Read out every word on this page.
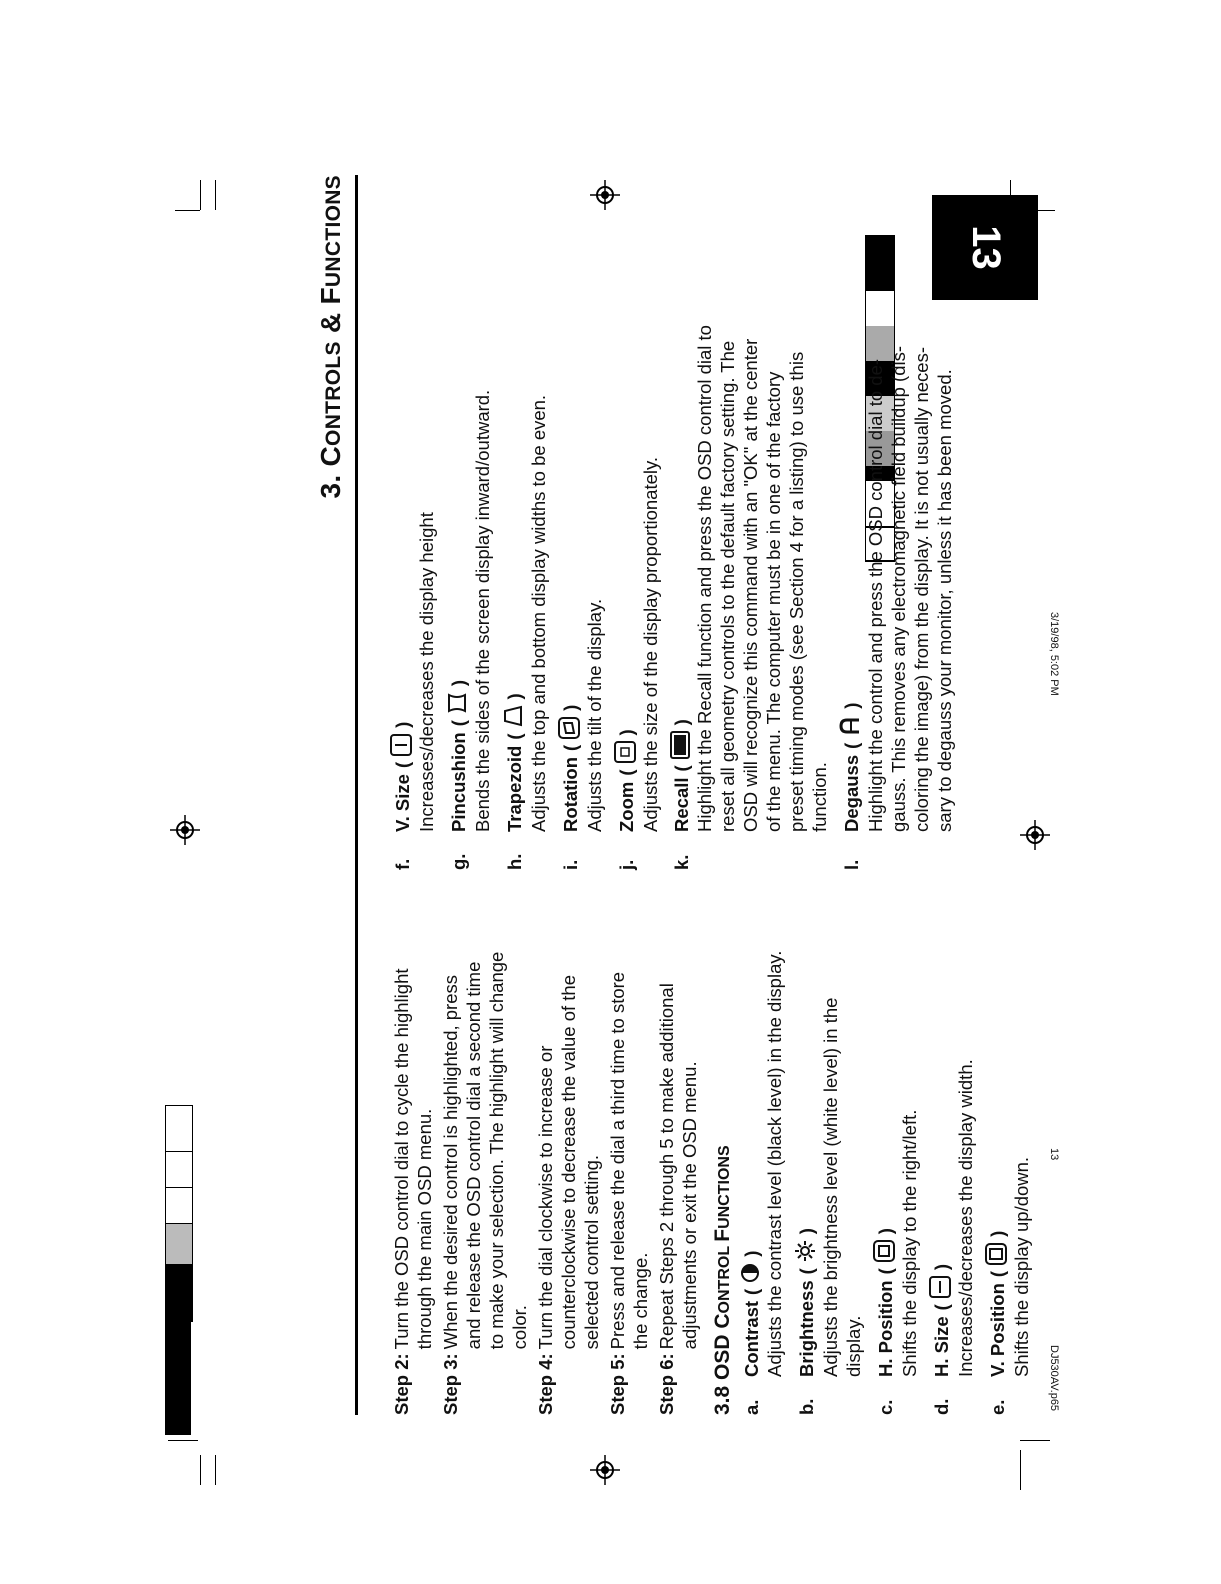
13
DJ530AV.p65
13
3/19/98, 5:02 PM
3. CONTROLS & FUNCTIONS
Step 2:
Turn the OSD control dial to cycle the highlight through the main OSD menu.
Step 3:
When the desired control is highlighted, press and release the OSD control dial a second time to make your selection. The highlight will change color.
Step 4:
Turn the dial clockwise to increase or counterclockwise to decrease the value of the selected control setting.
Step 5:
Press and release the dial a third time to store the change.
Step 6:
Repeat Steps 2 through 5 to make additional adjustments or exit the OSD menu.
3.8 OSD CONTROL FUNCTIONS
a.
Contrast
(
) Adjusts the contrast level (black level) in the display.
b.
Brightness
(
) Adjusts the brightness level (white level) in the display.
c.
H. Position
(
) Shifts the display to the right/left.
d.
H. Size
(
) Increases/decreases the display width.
e.
V. Position
(
) Shifts the display up/down.
f.
V. Size
(
) Increases/decreases the display height
g.
Pincushion
(
) Bends the sides of the screen display inward/outward.
h.
Trapezoid
(
) Adjusts the top and bottom display widths to be even.
i.
Rotation
(
) Adjusts the tilt of the display.
j.
Zoom
(
) Adjusts the size of the display proportionately.
k.
Recall
(
) Highlight the Recall function and press the OSD control dial to reset all geometry controls to the default factory setting. The OSD will recognize this command with an "OK" at the center of the menu. The computer must be in one of the factory preset timing modes (see Section 4 for a listing) to use this function.
l.
Degauss
(
) Highlight the control and press the OSD control dial to de-gauss. This removes any electromagnetic field buildup (dis-coloring the image) from the display. It is not usually neces-sary to degauss your monitor, unless it has been moved.
